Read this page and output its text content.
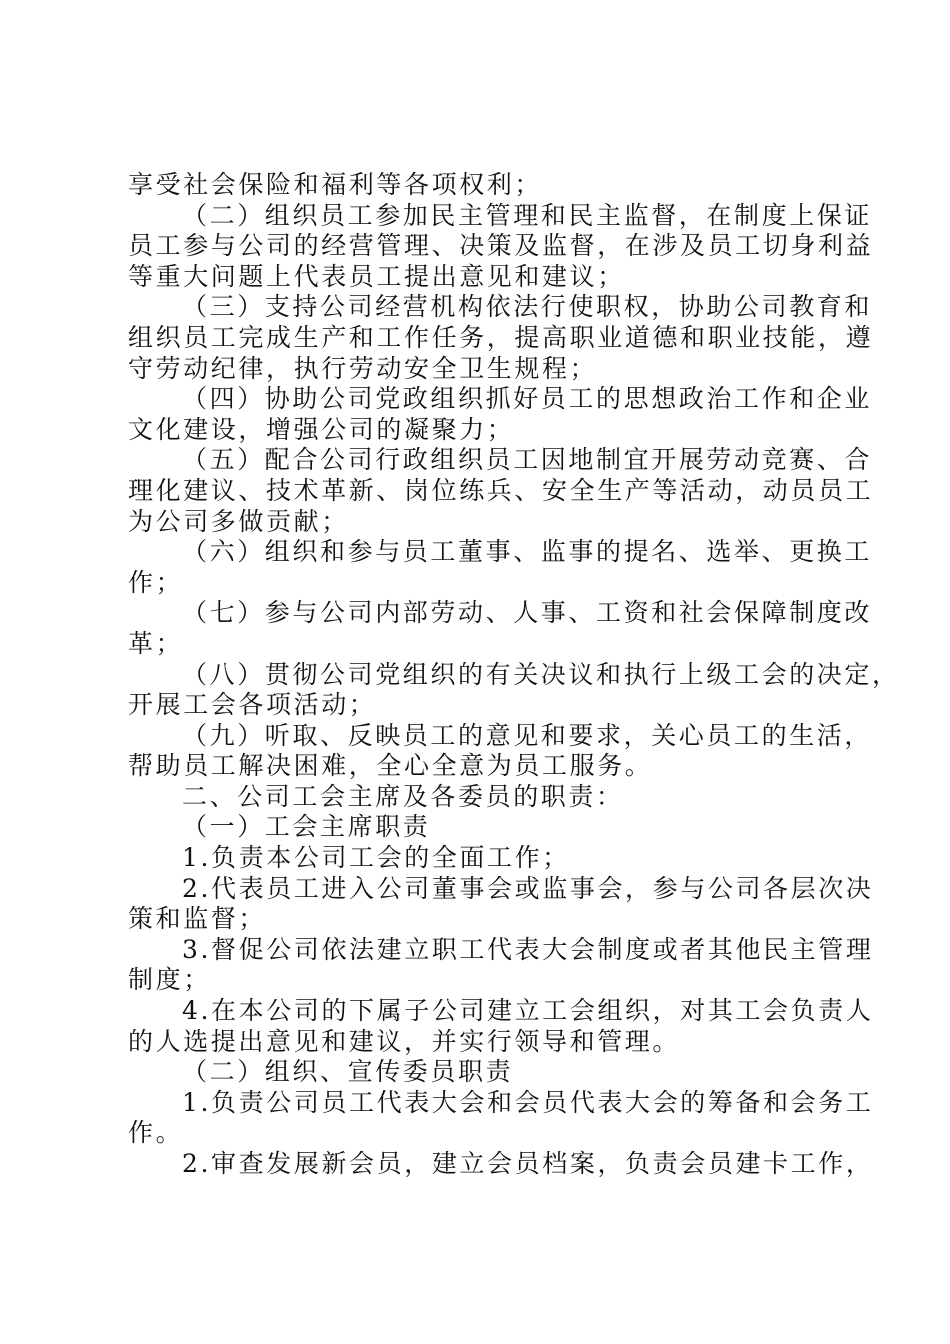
享受社会保险和福利等各项权利；
（二）组织员工参加民主管理和民主监督，在制度上保证
员工参与公司的经营管理、决策及监督，在涉及员工切身利益
等重大问题上代表员工提出意见和建议；
（三）支持公司经营机构依法行使职权，协助公司教育和
组织员工完成生产和工作任务，提高职业道德和职业技能，遵
守劳动纪律，执行劳动安全卫生规程；
（四）协助公司党政组织抓好员工的思想政治工作和企业
文化建设，增强公司的凝聚力；
（五）配合公司行政组织员工因地制宜开展劳动竞赛、合
理化建议、技术革新、岗位练兵、安全生产等活动，动员员工
为公司多做贡献；
（六）组织和参与员工董事、监事的提名、选举、更换工
作；
（七）参与公司内部劳动、人事、工资和社会保障制度改
革；
（八）贯彻公司党组织的有关决议和执行上级工会的决定，
开展工会各项活动；
（九）听取、反映员工的意见和要求，关心员工的生活，
帮助员工解决困难，全心全意为员工服务。
二、公司工会主席及各委员的职责：
（一）工会主席职责
1.负责本公司工会的全面工作；
2.代表员工进入公司董事会或监事会，参与公司各层次决
策和监督；
3.督促公司依法建立职工代表大会制度或者其他民主管理
制度；
4.在本公司的下属子公司建立工会组织，对其工会负责人
的人选提出意见和建议，并实行领导和管理。
（二）组织、宣传委员职责
1.负责公司员工代表大会和会员代表大会的筹备和会务工
作。
2.审查发展新会员，建立会员档案，负责会员建卡工作，
